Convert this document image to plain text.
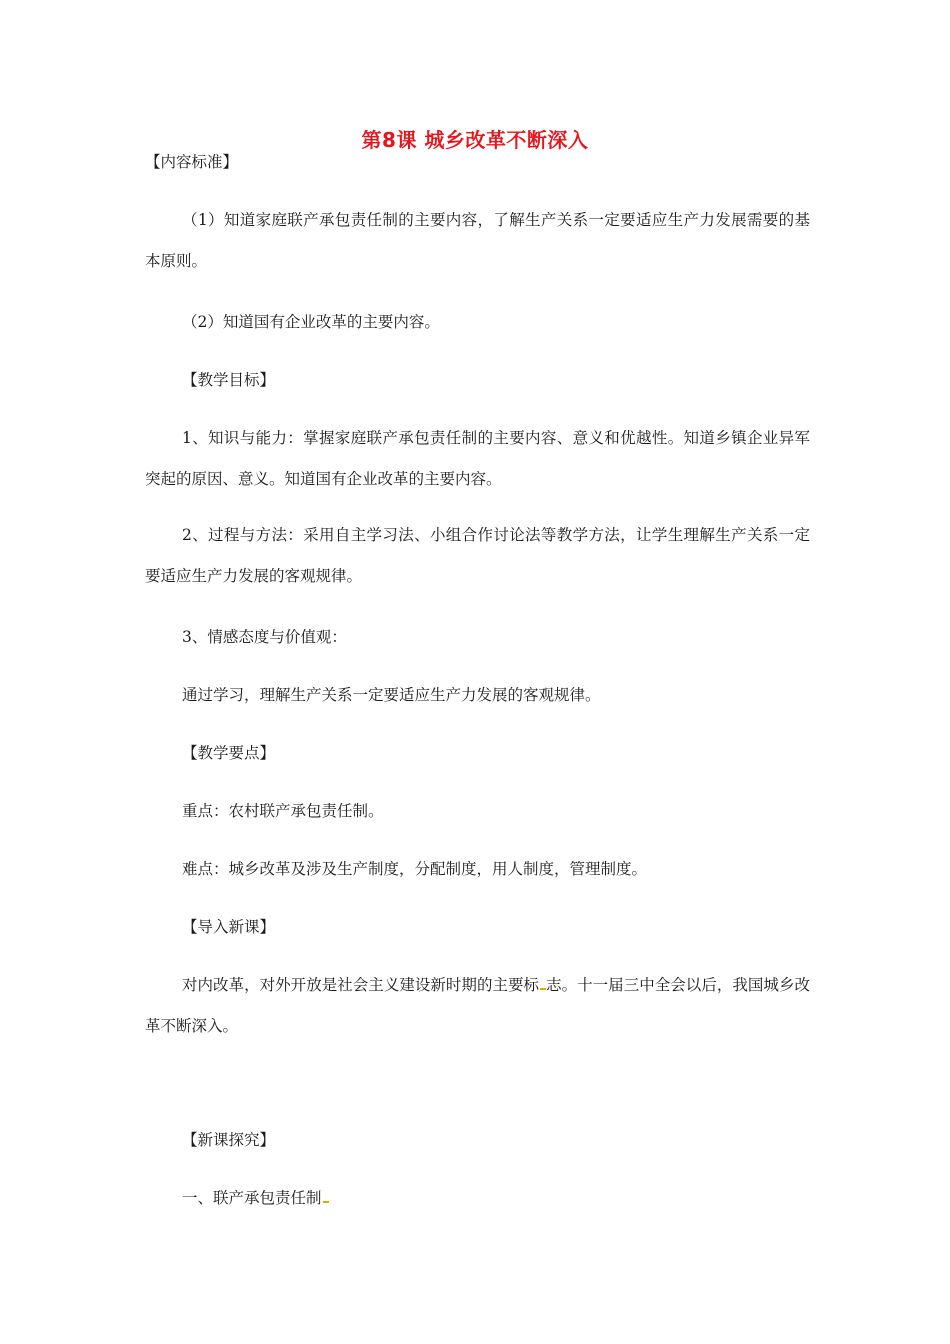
第8课 城乡改革不断深入
【内容标准】
（1）知道家庭联产承包责任制的主要内容，了解生产关系一定要适应生产力发展需要的基本原则。
（2）知道国有企业改革的主要内容。
【教学目标】
1、知识与能力：掌握家庭联产承包责任制的主要内容、意义和优越性。知道乡镇企业异军突起的原因、意义。知道国有企业改革的主要内容。
2、过程与方法：采用自主学习法、小组合作讨论法等教学方法，让学生理解生产关系一定要适应生产力发展的客观规律。
3、情感态度与价值观：
通过学习，理解生产关系一定要适应生产力发展的客观规律。
【教学要点】
重点：农村联产承包责任制。
难点：城乡改革及涉及生产制度，分配制度，用人制度，管理制度。
【导入新课】
对内改革，对外开放是社会主义建设新时期的主要标 志。十一届三中全会以后，我国城乡改革不断深入。
【新课探究】
一、联产承包责任制
